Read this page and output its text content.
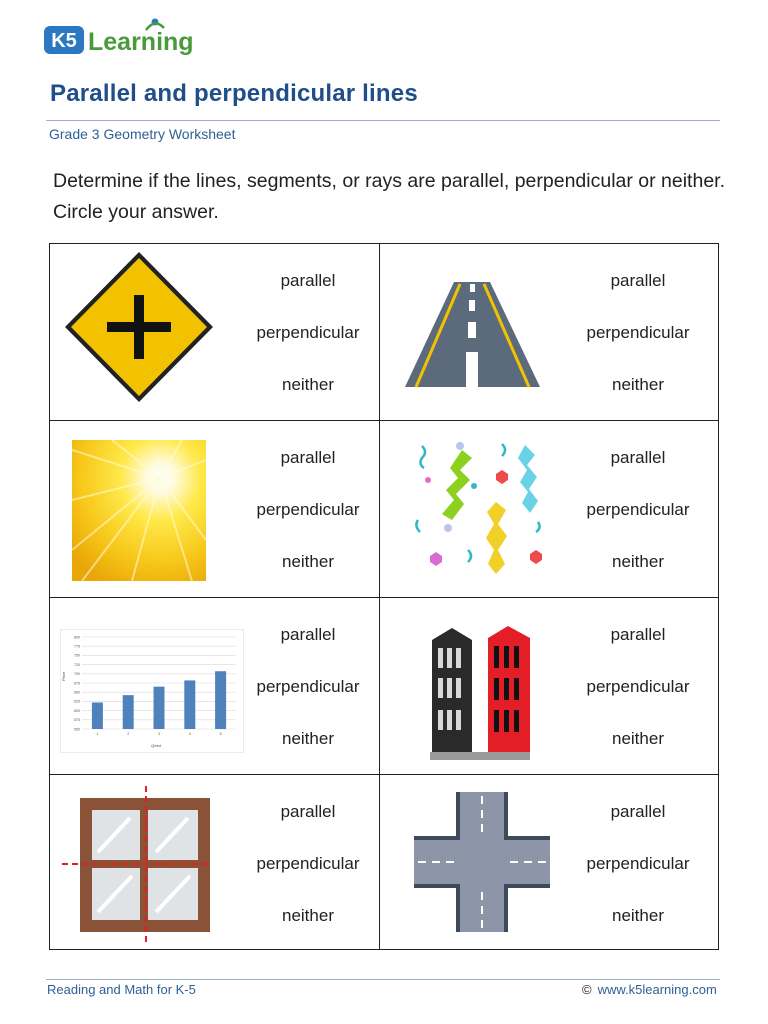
K5 Learning
Parallel and perpendicular lines
Grade 3 Geometry Worksheet
Determine if the lines, segments, or rays are parallel, perpendicular or neither. Circle your answer.
parallel
perpendicular
neither
parallel
perpendicular
neither
parallel
perpendicular
neither
parallel
perpendicular
neither
800
775
750
725
700
675
650
625
600
575
550
1	2	3	4	5
Price
Qmnt
parallel
perpendicular
neither
parallel
perpendicular
neither
parallel
perpendicular
neither
parallel
perpendicular
neither
Reading and Math for K-5	© www.k5learning.com
